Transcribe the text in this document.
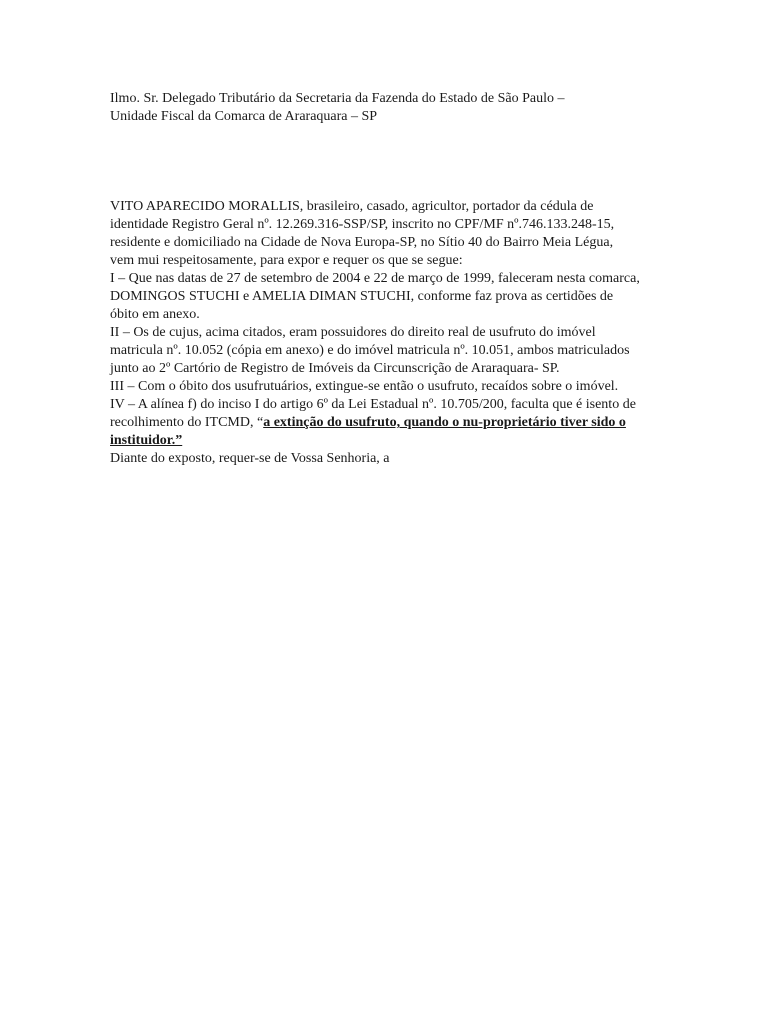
Ilmo. Sr. Delegado Tributário da Secretaria da Fazenda do Estado de São Paulo –

Unidade Fiscal da Comarca de Araraquara – SP

VITO APARECIDO MORALLIS, brasileiro, casado, agricultor, portador da cédula de identidade Registro Geral nº. 12.269.316-SSP/SP, inscrito no CPF/MF nº.746.133.248-15, residente e domiciliado na Cidade de Nova Europa-SP, no Sítio 40 do Bairro Meia Légua, vem mui respeitosamente, para expor e requer os que se segue:

I – Que nas datas de 27 de setembro de 2004 e 22 de março de 1999, faleceram nesta comarca, DOMINGOS STUCHI e AMELIA DIMAN STUCHI, conforme faz prova as certidões de óbito em anexo.

II – Os de cujus, acima citados, eram possuidores do direito real de usufruto do imóvel matricula nº. 10.052 (cópia em anexo) e do imóvel matricula nº. 10.051, ambos matriculados junto ao 2º Cartório de Registro de Imóveis da Circunscrição de Araraquara- SP.

III – Com o óbito dos usufrutuários, extingue-se então o usufruto, recaídos sobre o imóvel.

IV – A alínea f) do inciso I do artigo 6º da Lei Estadual nº. 10.705/200, faculta que é isento de recolhimento do ITCMD, “a extinção do usufruto, quando o nu-proprietário tiver sido o instituidor.”

Diante do exposto, requer-se de Vossa Senhoria, a
